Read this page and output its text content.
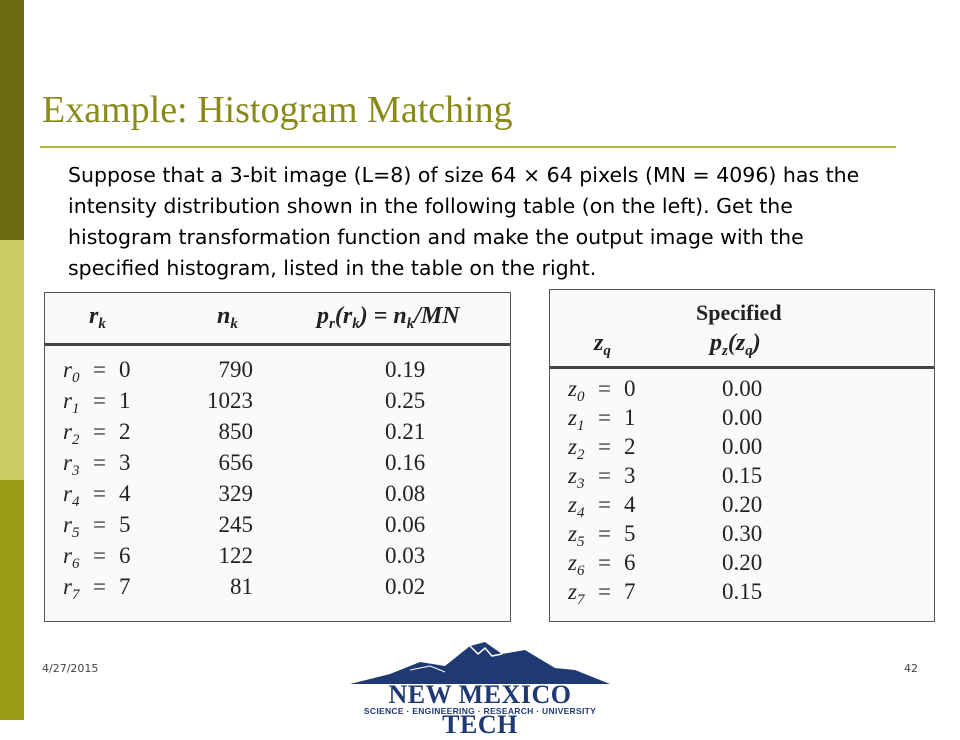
Example: Histogram Matching
Suppose that a 3-bit image (L=8) of size 64 × 64 pixels (MN = 4096) has the intensity distribution shown in the following table (on the left). Get the histogram transformation function and make the output image with the specified histogram, listed in the table on the right.
$r_k$	$n_k$	$p_r(r_k) = n_k/MN$
$r_0 = 0$	790	0.19
$r_1 = 1$	1023	0.25
$r_2 = 2$	850	0.21
$r_3 = 3$	656	0.16
$r_4 = 4$	329	0.08
$r_5 = 5$	245	0.06
$r_6 = 6$	122	0.03
$r_7 = 7$	81	0.02
Specified
$z_q$	$p_z(z_q)$
$z_0 = 0$	0.00
$z_1 = 1$	0.00
$z_2 = 2$	0.00
$z_3 = 3$	0.15
$z_4 = 4$	0.20
$z_5 = 5$	0.30
$z_6 = 6$	0.20
$z_7 = 7$	0.15
4/27/2015	42
NEW MEXICO TECH
SCIENCE · ENGINEERING · RESEARCH · UNIVERSITY
